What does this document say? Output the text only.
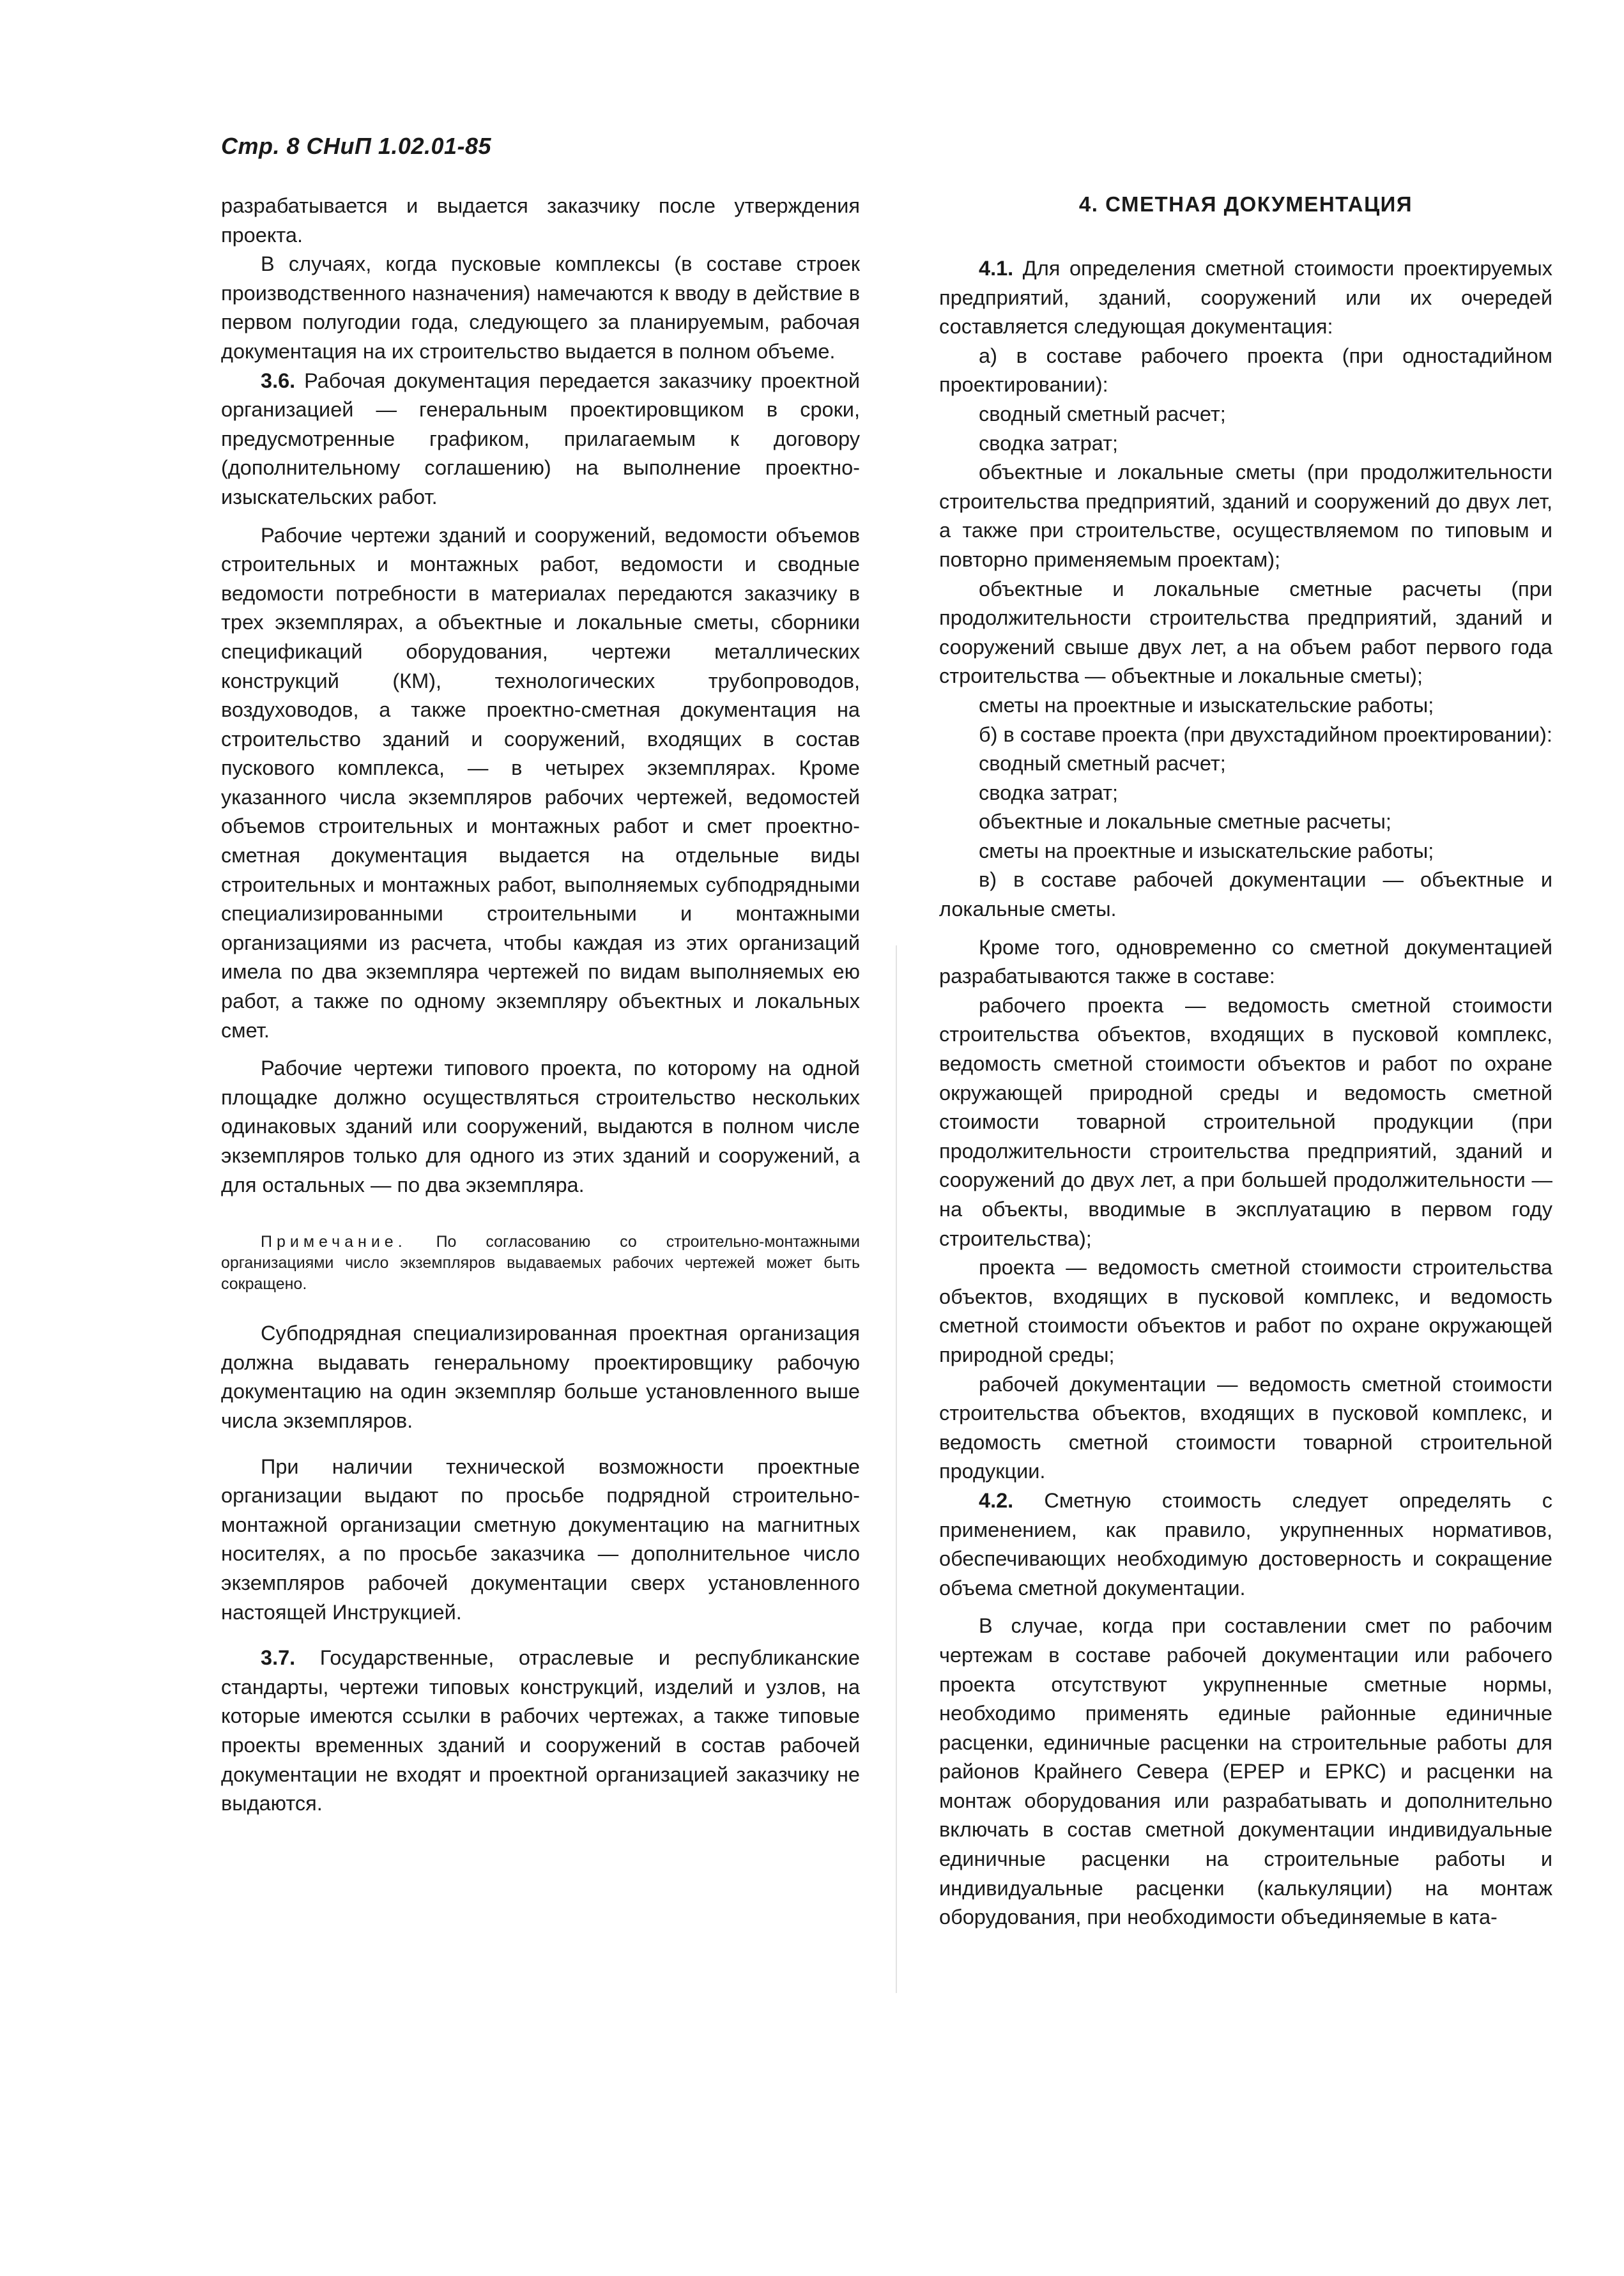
Стр. 8 СНиП 1.02.01-85

разрабатывается и выдается заказчику после утверждения проекта.

В случаях, когда пусковые комплексы (в составе строек производственного назначения) намечаются к вводу в действие в первом полугодии года, следующего за планируемым, рабочая документация на их строительство выдается в полном объеме.

3.6. Рабочая документация передается заказчику проектной организацией — генеральным проектировщиком в сроки, предусмотренные графиком, прилагаемым к договору (дополнительному соглашению) на выполнение проектно-изыскательских работ.

Рабочие чертежи зданий и сооружений, ведомости объемов строительных и монтажных работ, ведомости и сводные ведомости потребности в материалах передаются заказчику в трех экземплярах, а объектные и локальные сметы, сборники спецификаций оборудования, чертежи металлических конструкций (КМ), технологических трубопроводов, воздуховодов, а также проектно-сметная документация на строительство зданий и сооружений, входящих в состав пускового комплекса, — в четырех экземплярах. Кроме указанного числа экземпляров рабочих чертежей, ведомостей объемов строительных и монтажных работ и смет проектно-сметная документация выдается на отдельные виды строительных и монтажных работ, выполняемых субподрядными специализированными строительными и монтажными организациями из расчета, чтобы каждая из этих организаций имела по два экземпляра чертежей по видам выполняемых ею работ, а также по одному экземпляру объектных и локальных смет.

Рабочие чертежи типового проекта, по которому на одной площадке должно осуществляться строительство нескольких одинаковых зданий или сооружений, выдаются в полном числе экземпляров только для одного из этих зданий и сооружений, а для остальных — по два экземпляра.

Примечание. По согласованию со строительно-монтажными организациями число экземпляров выдаваемых рабочих чертежей может быть сокращено.

Субподрядная специализированная проектная организация должна выдавать генеральному проектировщику рабочую документацию на один экземпляр больше установленного выше числа экземпляров.

При наличии технической возможности проектные организации выдают по просьбе подрядной строительно-монтажной организации сметную документацию на магнитных носителях, а по просьбе заказчика — дополнительное число экземпляров рабочей документации сверх установленного настоящей Инструкцией.

3.7. Государственные, отраслевые и республиканские стандарты, чертежи типовых конструкций, изделий и узлов, на которые имеются ссылки в рабочих чертежах, а также типовые проекты временных зданий и сооружений в состав рабочей документации не входят и проектной организацией заказчику не выдаются.

4. СМЕТНАЯ ДОКУМЕНТАЦИЯ

4.1. Для определения сметной стоимости проектируемых предприятий, зданий, сооружений или их очередей составляется следующая документация:

а) в составе рабочего проекта (при одностадийном проектировании):

сводный сметный расчет;

сводка затрат;

объектные и локальные сметы (при продолжительности строительства предприятий, зданий и сооружений до двух лет, а также при строительстве, осуществляемом по типовым и повторно применяемым проектам);

объектные и локальные сметные расчеты (при продолжительности строительства предприятий, зданий и сооружений свыше двух лет, а на объем работ первого года строительства — объектные и локальные сметы);

сметы на проектные и изыскательские работы;

б) в составе проекта (при двухстадийном проектировании):

сводный сметный расчет;

сводка затрат;

объектные и локальные сметные расчеты;

сметы на проектные и изыскательские работы;

в) в составе рабочей документации — объектные и локальные сметы.

Кроме того, одновременно со сметной документацией разрабатываются также в составе:

рабочего проекта — ведомость сметной стоимости строительства объектов, входящих в пусковой комплекс, ведомость сметной стоимости объектов и работ по охране окружающей природной среды и ведомость сметной стоимости товарной строительной продукции (при продолжительности строительства предприятий, зданий и сооружений до двух лет, а при большей продолжительности — на объекты, вводимые в эксплуатацию в первом году строительства);

проекта — ведомость сметной стоимости строительства объектов, входящих в пусковой комплекс, и ведомость сметной стоимости объектов и работ по охране окружающей природной среды;

рабочей документации — ведомость сметной стоимости строительства объектов, входящих в пусковой комплекс, и ведомость сметной стоимости товарной строительной продукции.

4.2. Сметную стоимость следует определять с применением, как правило, укрупненных нормативов, обеспечивающих необходимую достоверность и сокращение объема сметной документации.

В случае, когда при составлении смет по рабочим чертежам в составе рабочей документации или рабочего проекта отсутствуют укрупненные сметные нормы, необходимо применять единые районные единичные расценки, единичные расценки на строительные работы для районов Крайнего Севера (ЕРЕР и ЕРКС) и расценки на монтаж оборудования или разрабатывать и дополнительно включать в состав сметной документации индивидуальные единичные расценки на строительные работы и индивидуальные расценки (калькуляции) на монтаж оборудования, при необходимости объединяемые в ката-
